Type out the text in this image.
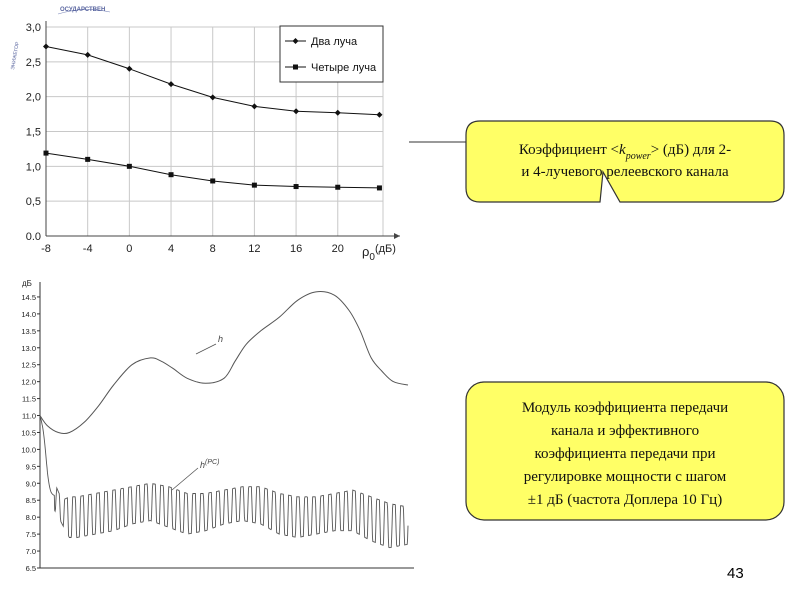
0.0
0,5
1,0
1,5
2,0
2,5
3,0
-8	-4	0	4	8	12	16	20 $\rho_0^{(дБ)}$
Два луча
Четыре луча
дБ
6.5
7.0
7.5
8.0
8.5
9.0
9.5
10.0
10.5
11.0
11.5
12.0
12.5
13.0
13.5
14.0
14.5
h
$h^{(PC)}$
Коэффициент $<k_{power}> (дБ)$ для 2-и 4-лучевого релеевского канала
Модуль коэффициента передачи канала и эффективного коэффициента передачи при регулировке мощности с шагом ±1 дБ (частота Доплера 10 Гц)
ОСУДАРСТВЕН
ЭНИЖЕГОР
43
